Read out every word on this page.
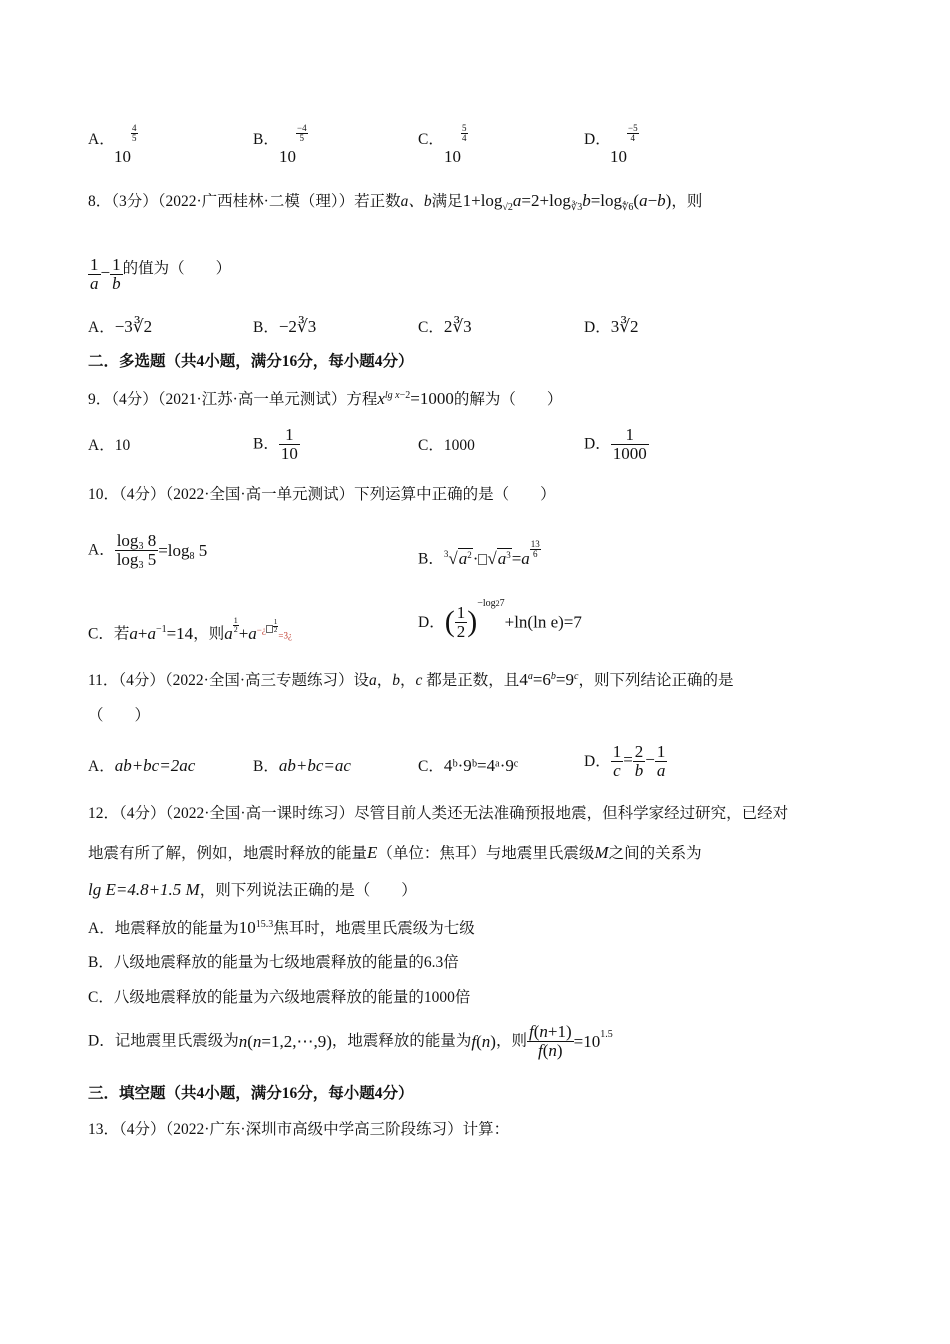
A．
10
$\frac{4}{5}$	B．
10
$\frac{-4}{5}$	C．
10
$\frac{5}{4}$	D．
10
$\frac{-5}{4}$
8．（3分）（2022·广西桂林·二模（理））若正数a、b满足$1+\log_{√2}a=2+\log_{∛3}b=\log_{∜6}(a-b)$，则
$\frac{1}{a} - \frac{1}{b}$ 的值为（　　）
A．−3∛2	B．−2∛3	C．2∛3	D．3∛2
二．多选题（共4小题，满分16分，每小题4分）
9．（4分）（2021·江苏·高一单元测试）方程$x^{lg x-2}=1000$的解为（　　）
A．10	B． $\frac{1}{10}$	C．1000	D． $\frac{1}{1000}$
10．（4分）（2022·全国·高一单元测试）下列运算中正确的是（　　）
A． $\frac{\log 3 8}{\log 3 5} =\log 8$ 5	B．$^3√a^2\cdot √a^3=a \frac{13}{6}$
C．若$a+a^{-1}=14$，则a $\frac{1}{2} +a^{-¿} \frac{1}{2}$
=3¿
D．( $\frac{1}{2} )^{-log27}+\ln(\ln$ e)=7
11．（4分）（2022·全国·高三专题练习）设a，b，c 都是正数，且$4^a=6^b=9^c$，则下列结论正确的是
（　　）
A．ab+bc=2ac	B．ab+bc=ac	C．4ᵇ·9ᵇ=4ᵃ·9ᶜ	D． $\frac{1}{c} = \frac{2}{b} - \frac{1}{a}$
12．（4分）（2022·全国·高一课时练习）尽管目前人类还无法准确预报地震，但科学家经过研究，已经对
地震有所了解，例如，地震时释放的能量E（单位：焦耳）与地震里氏震级M之间的关系为
lg E=4.8+1.5 M，则下列说法正确的是（　　）
A．地震释放的能量为$10^{15.3}$焦耳时，地震里氏震级为七级
B．八级地震释放的能量为七级地震释放的能量的6.3倍
C．八级地震释放的能量为六级地震释放的能量的1000倍
D．记地震里氏震级为n(n=1,2,⋯,9)，地震释放的能量为f(n)，则 $\frac{f(n+1)}{f(n)} =10^{1.5}$
三．填空题（共4小题，满分16分，每小题4分）
13．（4分）（2022·广东·深圳市高级中学高三阶段练习）计算：
